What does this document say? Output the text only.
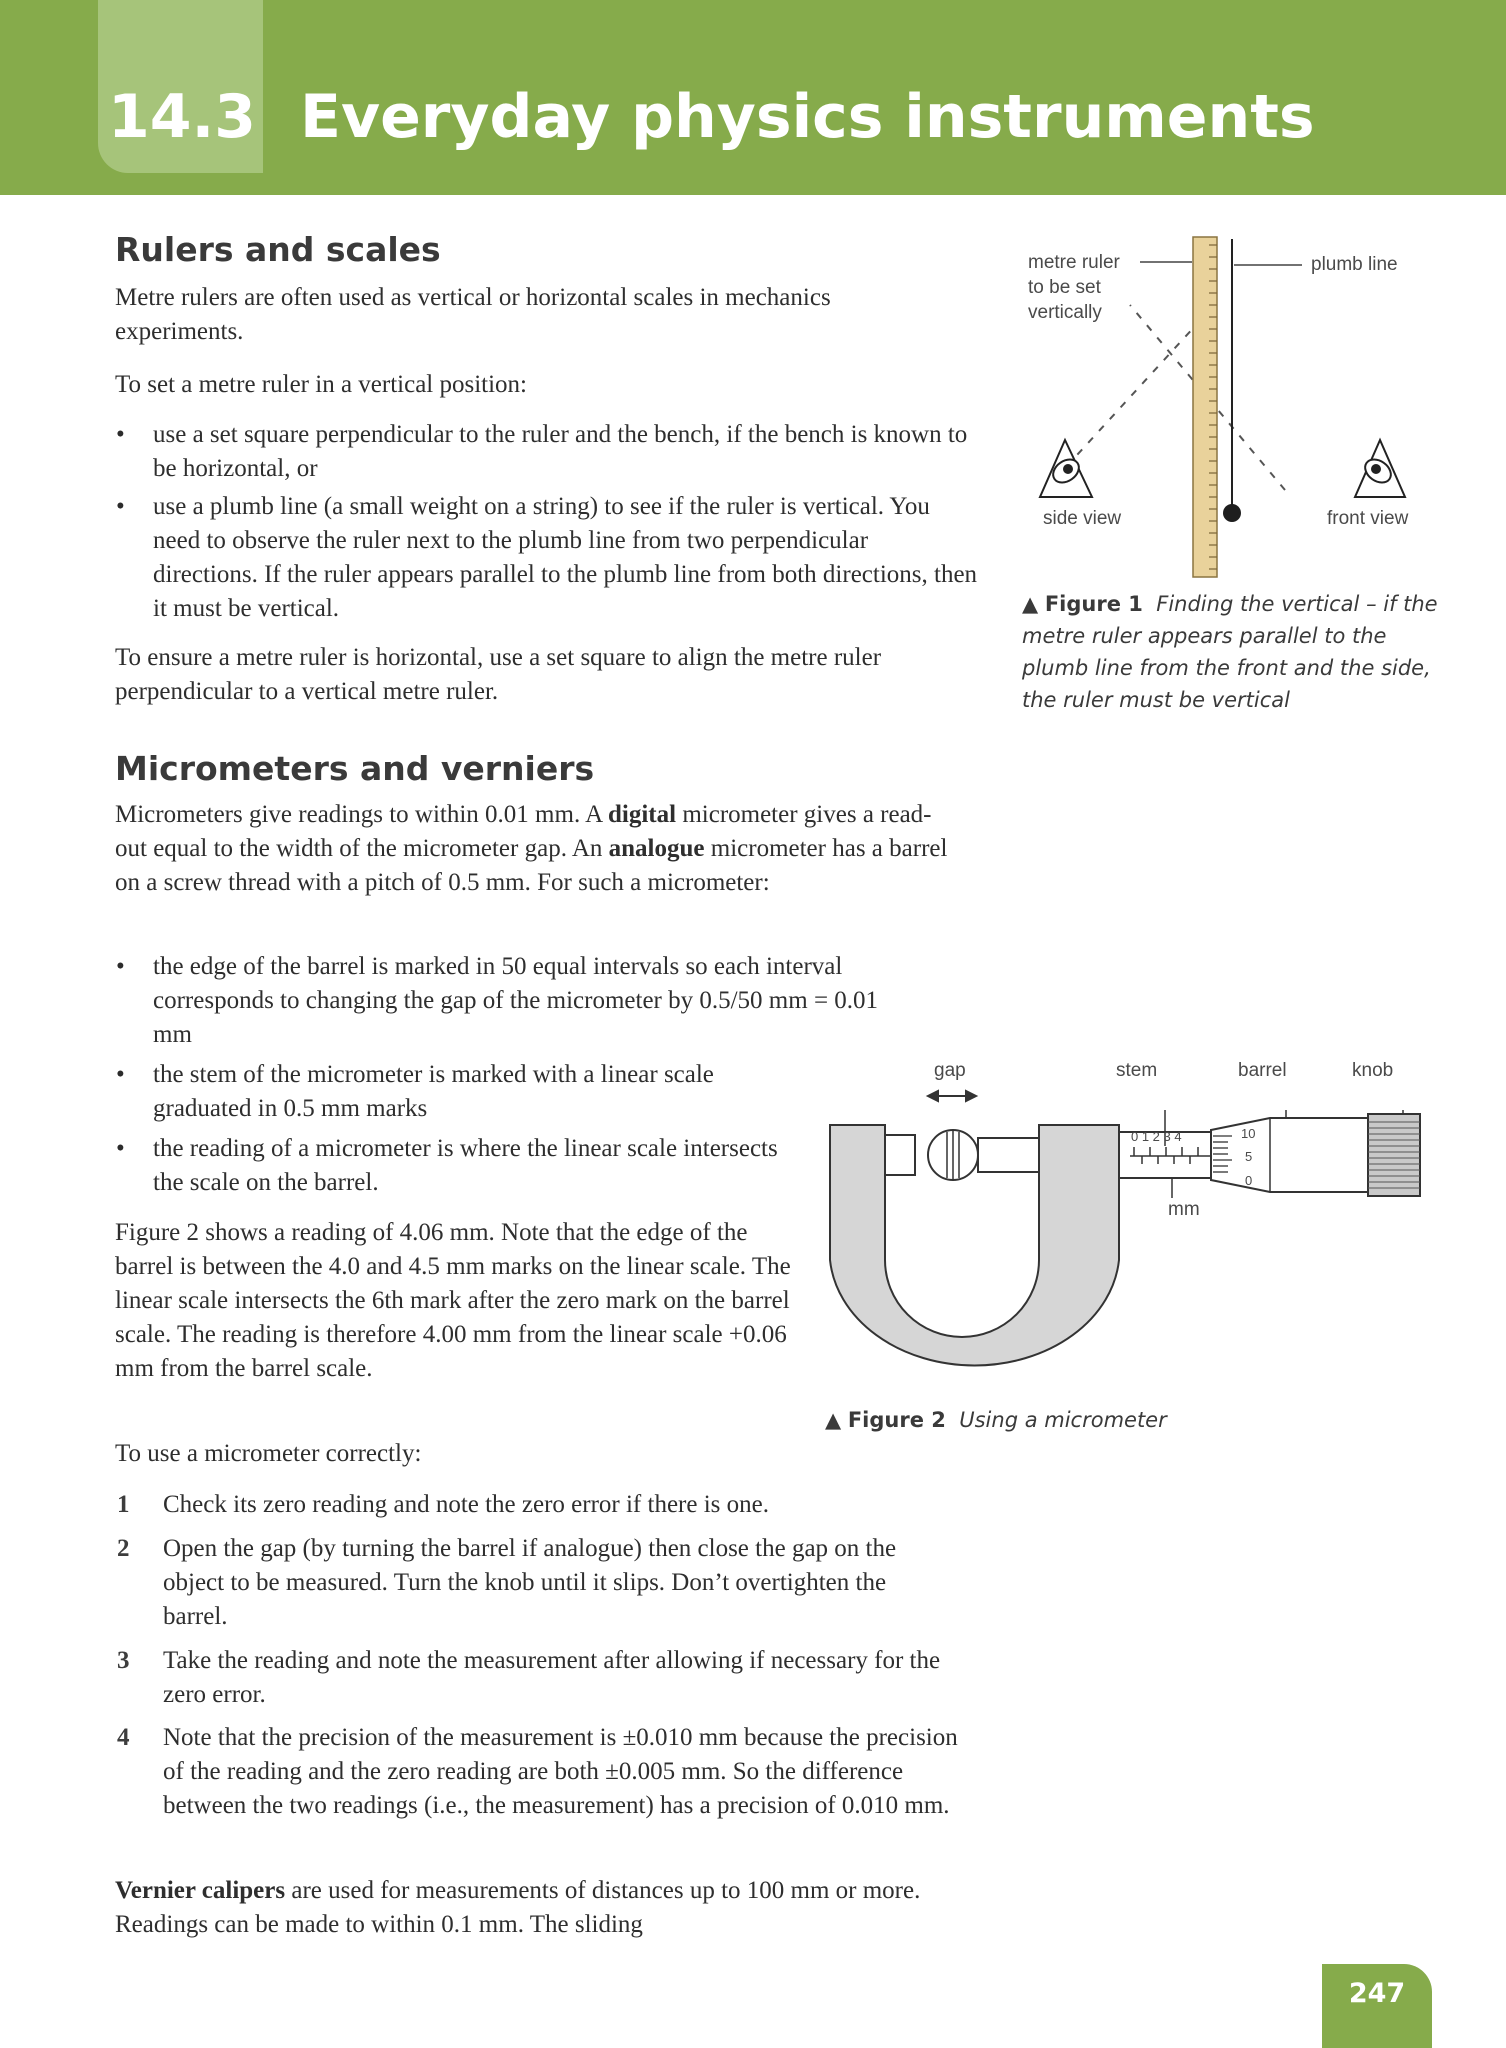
14.3 Everyday physics instruments
Rulers and scales

Metre rulers are often used as vertical or horizontal scales in mechanics experiments.

To set a metre ruler in a vertical position:

• use a set square perpendicular to the ruler and the bench, if the bench is known to be horizontal, or

• use a plumb line (a small weight on a string) to see if the ruler is vertical. You need to observe the ruler next to the plumb line from two perpendicular directions. If the ruler appears parallel to the plumb line from both directions, then it must be vertical.

To ensure a metre ruler is horizontal, use a set square to align the metre ruler perpendicular to a vertical metre ruler.

metre ruler
to be set
vertically
plumb line
side view	front view

▲ Figure 1 Finding the vertical – if the metre ruler appears parallel to the plumb line from the front and the side, the ruler must be vertical

Micrometers and verniers

Micrometers give readings to within 0.01 mm. A digital micrometer gives a read-out equal to the width of the micrometer gap. An analogue micrometer has a barrel on a screw thread with a pitch of 0.5 mm. For such a micrometer:

• the edge of the barrel is marked in 50 equal intervals so each interval corresponds to changing the gap of the micrometer by 0.5/50 mm = 0.01 mm

• the stem of the micrometer is marked with a linear scale graduated in 0.5 mm marks

• the reading of a micrometer is where the linear scale intersects the scale on the barrel.

Figure 2 shows a reading of 4.06 mm. Note that the edge of the barrel is between the 4.0 and 4.5 mm marks on the linear scale. The linear scale intersects the 6th mark after the zero mark on the barrel scale. The reading is therefore 4.00 mm from the linear scale +0.06 mm from the barrel scale.

To use a micrometer correctly:

1 Check its zero reading and note the zero error if there is one.

2 Open the gap (by turning the barrel if analogue) then close the gap on the object to be measured. Turn the knob until it slips. Don’t overtighten the barrel.

3 Take the reading and note the measurement after allowing if necessary for the zero error.

4 Note that the precision of the measurement is ±0.010 mm because the precision of the reading and the zero reading are both ±0.005 mm. So the difference between the two readings (i.e., the measurement) has a precision of 0.010 mm.

Vernier calipers are used for measurements of distances up to 100 mm or more. Readings can be made to within 0.1 mm. The sliding

gap	stem	barrel	knob
mm
0 1 2 3 4	10
5
0

▲ Figure 2 Using a micrometer

247
